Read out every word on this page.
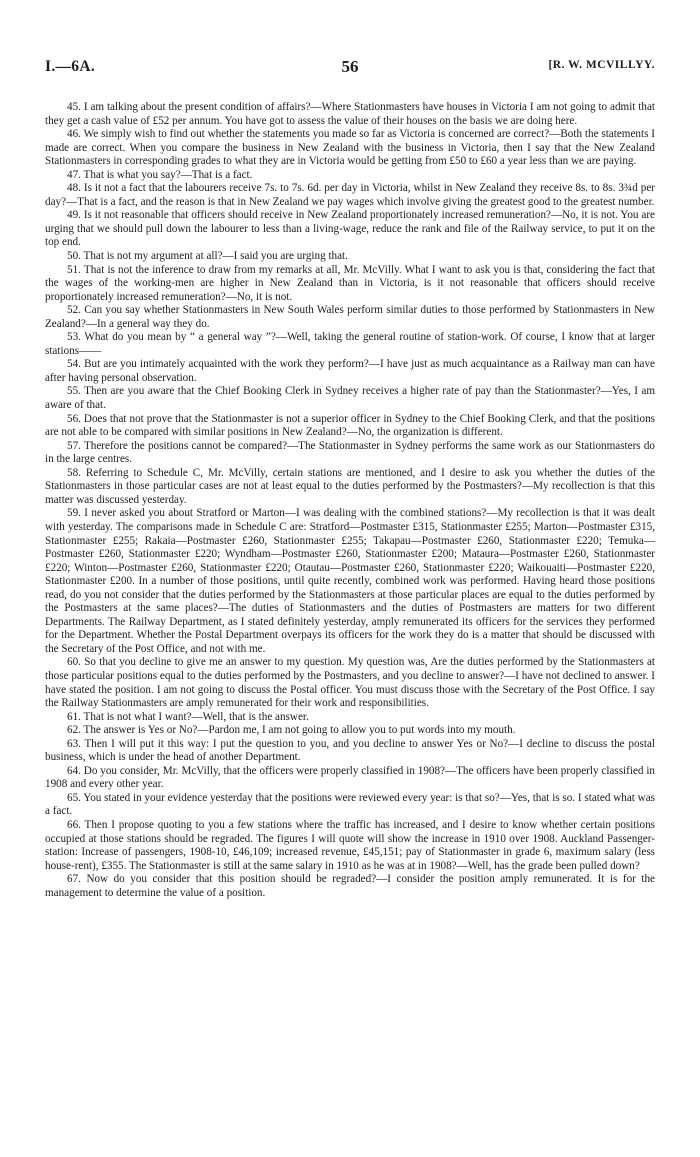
I.—6A.	56	[R. W. MCVILLYY.

45. I am talking about the present condition of affairs?—Where Stationmasters have houses in Victoria I am not going to admit that they get a cash value of £52 per annum. You have got to assess the value of their houses on the basis we are doing here.

46. We simply wish to find out whether the statements you made so far as Victoria is concerned are correct?—Both the statements I made are correct. When you compare the business in New Zealand with the business in Victoria, then I say that the New Zealand Stationmasters in corresponding grades to what they are in Victoria would be getting from £50 to £60 a year less than we are paying.

47. That is what you say?—That is a fact.

48. Is it not a fact that the labourers receive 7s. to 7s. 6d. per day in Victoria, whilst in New Zealand they receive 8s. to 8s. 3¾d per day?—That is a fact, and the reason is that in New Zealand we pay wages which involve giving the greatest good to the greatest number.

49. Is it not reasonable that officers should receive in New Zealand proportionately increased remuneration?—No, it is not. You are urging that we should pull down the labourer to less than a living-wage, reduce the rank and file of the Railway service, to put it on the top end.

50. That is not my argument at all?—I said you are urging that.

51. That is not the inference to draw from my remarks at all, Mr. McVilly. What I want to ask you is that, considering the fact that the wages of the working-men are higher in New Zealand than in Victoria, is it not reasonable that officers should receive proportionately increased remuneration?—No, it is not.

52. Can you say whether Stationmasters in New South Wales perform similar duties to those performed by Stationmasters in New Zealand?—In a general way they do.

53. What do you mean by “ a general way ”?—Well, taking the general routine of station-work. Of course, I know that at larger stations——

54. But are you intimately acquainted with the work they perform?—I have just as much acquaintance as a Railway man can have after having personal observation.

55. Then are you aware that the Chief Booking Clerk in Sydney receives a higher rate of pay than the Stationmaster?—Yes, I am aware of that.

56. Does that not prove that the Stationmaster is not a superior officer in Sydney to the Chief Booking Clerk, and that the positions are not able to be compared with similar positions in New Zealand?—No, the organization is different.

57. Therefore the positions cannot be compared?—The Stationmaster in Sydney performs the same work as our Stationmasters do in the large centres.

58. Referring to Schedule C, Mr. McVilly, certain stations are mentioned, and I desire to ask you whether the duties of the Stationmasters in those particular cases are not at least equal to the duties performed by the Postmasters?—My recollection is that this matter was discussed yesterday.

59. I never asked you about Stratford or Marton—I was dealing with the combined stations?—My recollection is that it was dealt with yesterday. The comparisons made in Schedule C are: Stratford—Postmaster £315, Stationmaster £255; Marton—Postmaster £315, Stationmaster £255; Rakaia—Postmaster £260, Stationmaster £255; Takapau—Postmaster £260, Stationmaster £220; Temuka—Postmaster £260, Stationmaster £220; Wyndham—Postmaster £260, Stationmaster £200; Mataura—Postmaster £260, Stationmaster £220; Winton—Postmaster £260, Stationmaster £220; Otautau—Postmaster £260, Stationmaster £220; Waikouaiti—Postmaster £220, Stationmaster £200. In a number of those positions, until quite recently, combined work was performed. Having heard those positions read, do you not consider that the duties performed by the Stationmasters at those particular places are equal to the duties performed by the Postmasters at the same places?—The duties of Stationmasters and the duties of Postmasters are matters for two different Departments. The Railway Department, as I stated definitely yesterday, amply remunerated its officers for the services they performed for the Department. Whether the Postal Department overpays its officers for the work they do is a matter that should be discussed with the Secretary of the Post Office, and not with me.

60. So that you decline to give me an answer to my question. My question was, Are the duties performed by the Stationmasters at those particular positions equal to the duties performed by the Postmasters, and you decline to answer?—I have not declined to answer. I have stated the position. I am not going to discuss the Postal officer. You must discuss those with the Secretary of the Post Office. I say the Railway Stationmasters are amply remunerated for their work and responsibilities.

61. That is not what I want?—Well, that is the answer.

62. The answer is Yes or No?—Pardon me, I am not going to allow you to put words into my mouth.

63. Then I will put it this way: I put the question to you, and you decline to answer Yes or No?—I decline to discuss the postal business, which is under the head of another Department.

64. Do you consider, Mr. McVilly, that the officers were properly classified in 1908?—The officers have been properly classified in 1908 and every other year.

65. You stated in your evidence yesterday that the positions were reviewed every year: is that so?—Yes, that is so. I stated what was a fact.

66. Then I propose quoting to you a few stations where the traffic has increased, and I desire to know whether certain positions occupied at those stations should be regraded. The figures I will quote will show the increase in 1910 over 1908. Auckland Passenger-station: Increase of passengers, 1908-10, £46,109; increased revenue, £45,151; pay of Stationmaster in grade 6, maximum salary (less house-rent), £355. The Stationmaster is still at the same salary in 1910 as he was at in 1908?—Well, has the grade been pulled down?

67. Now do you consider that this position should be regraded?—I consider the position amply remunerated. It is for the management to determine the value of a position.
